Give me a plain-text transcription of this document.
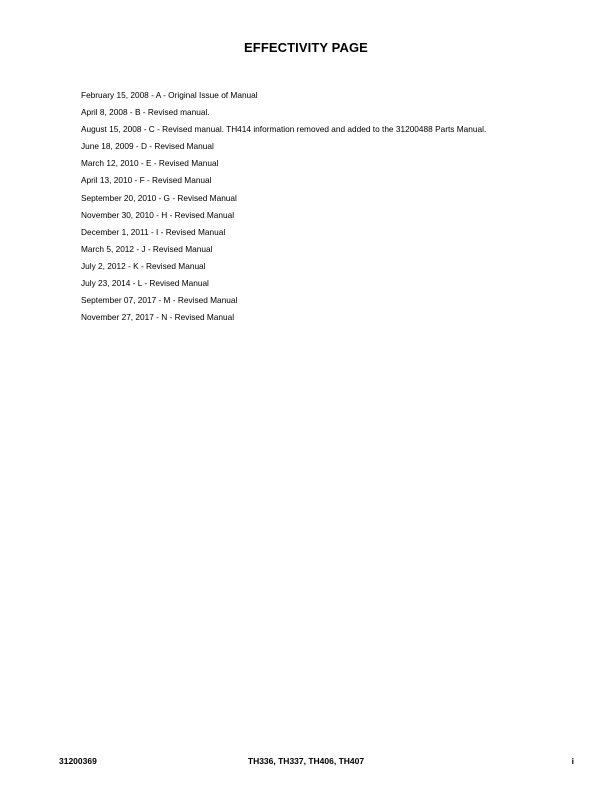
EFFECTIVITY PAGE
February 15, 2008 - A - Original Issue of Manual
April 8, 2008 - B - Revised manual.
August 15, 2008 - C - Revised manual. TH414 information removed and added to the 31200488 Parts Manual.
June 18, 2009 - D - Revised Manual
March 12, 2010 - E - Revised Manual
April 13, 2010 - F - Revised Manual
September 20, 2010 - G - Revised Manual
November 30, 2010 - H - Revised Manual
December 1, 2011 - I - Revised Manual
March 5, 2012 - J - Revised Manual
July 2, 2012 - K - Revised Manual
July 23, 2014 - L - Revised Manual
September 07, 2017 - M - Revised Manual
November 27, 2017 - N - Revised Manual
31200369	TH336, TH337, TH406, TH407	i
